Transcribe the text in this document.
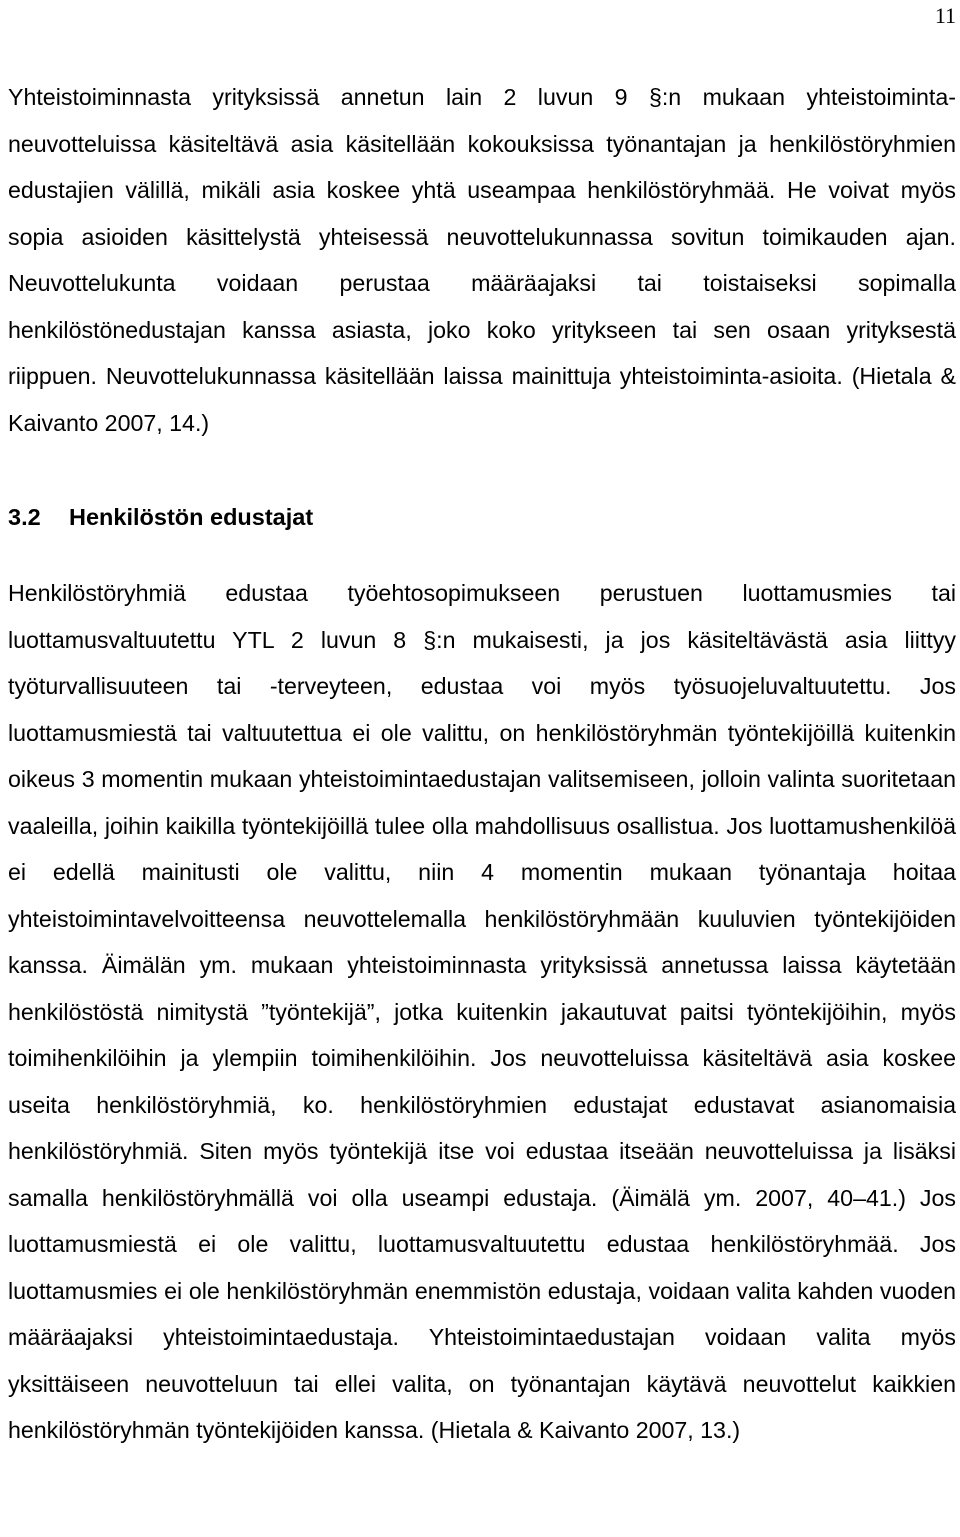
11

Yhteistoiminnasta yrityksissä annetun lain 2 luvun 9 §:n mukaan yhteistoimintaneuvotteluissa käsiteltävä asia käsitellään kokouksissa työnantajan ja henkilöstöryhmien edustajien välillä, mikäli asia koskee yhtä useampaa henkilöstöryhmää. He voivat myös sopia asioiden käsittelystä yhteisessä neuvottelukunnassa sovitun toimikauden ajan. Neuvottelukunta voidaan perustaa määräajaksi tai toistaiseksi sopimalla henkilöstönedustajan kanssa asiasta, joko koko yritykseen tai sen osaan yrityksestä riippuen. Neuvottelukunnassa käsitellään laissa mainittuja yhteistoiminta-asioita. (Hietala & Kaivanto 2007, 14.)

3.2 Henkilöstön edustajat

Henkilöstöryhmiä edustaa työehtosopimukseen perustuen luottamusmies tai luottamusvaltuutettu YTL 2 luvun 8 §:n mukaisesti, ja jos käsiteltävästä asia liittyy työturvallisuuteen tai -terveyteen, edustaa voi myös työsuojeluvaltuutettu. Jos luottamusmiestä tai valtuutettua ei ole valittu, on henkilöstöryhmän työntekijöillä kuitenkin oikeus 3 momentin mukaan yhteistoimintaedustajan valitsemiseen, jolloin valinta suoritetaan vaaleilla, joihin kaikilla työntekijöillä tulee olla mahdollisuus osallistua. Jos luottamushenkilöä ei edellä mainitusti ole valittu, niin 4 momentin mukaan työnantaja hoitaa yhteistoimintavelvoitteensa neuvottelemalla henkilöstöryhmään kuuluvien työntekijöiden kanssa. Äimälän ym. mukaan yhteistoiminnasta yrityksissä annetussa laissa käytetään henkilöstöstä nimitystä ”työntekijä”, jotka kuitenkin jakautuvat paitsi työntekijöihin, myös toimihenkilöihin ja ylempiin toimihenkilöihin. Jos neuvotteluissa käsiteltävä asia koskee useita henkilöstöryhmiä, ko. henkilöstöryhmien edustajat edustavat asianomaisia henkilöstöryhmiä. Siten myös työntekijä itse voi edustaa itseään neuvotteluissa ja lisäksi samalla henkilöstöryhmällä voi olla useampi edustaja. (Äimälä ym. 2007, 40–41.) Jos luottamusmiestä ei ole valittu, luottamusvaltuutettu edustaa henkilöstöryhmää. Jos luottamusmies ei ole henkilöstöryhmän enemmistön edustaja, voidaan valita kahden vuoden määräajaksi yhteistoimintaedustaja. Yhteistoimintaedustajan voidaan valita myös yksittäiseen neuvotteluun tai ellei valita, on työnantajan käytävä neuvottelut kaikkien henkilöstöryhmän työntekijöiden kanssa. (Hietala & Kaivanto 2007, 13.)
